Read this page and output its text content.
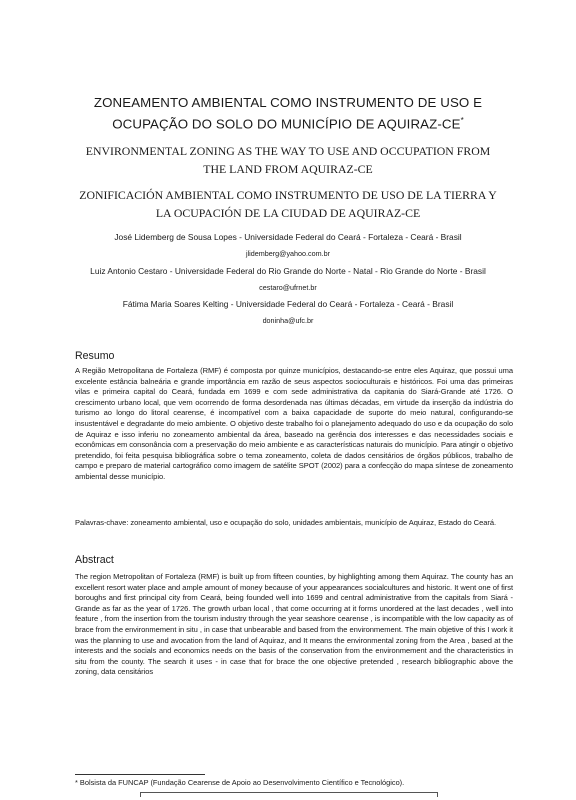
ZONEAMENTO AMBIENTAL COMO INSTRUMENTO DE USO E
OCUPAÇÃO DO SOLO DO MUNICÍPIO DE AQUIRAZ-CE*
ENVIRONMENTAL ZONING AS THE WAY TO USE AND OCCUPATION FROM
THE LAND FROM AQUIRAZ-CE
ZONIFICACIÓN AMBIENTAL COMO INSTRUMENTO DE USO DE LA TIERRA Y
LA OCUPACIÓN DE LA CIUDAD DE AQUIRAZ-CE
José Lidemberg de Sousa Lopes - Universidade Federal do Ceará - Fortaleza - Ceará - Brasil
jlidemberg@yahoo.com.br
Luiz Antonio Cestaro - Universidade Federal do Rio Grande do Norte - Natal - Rio Grande do Norte - Brasil
cestaro@ufrnet.br
Fátima Maria Soares Kelting - Universidade Federal do Ceará - Fortaleza - Ceará - Brasil
doninha@ufc.br
Resumo
A Região Metropolitana de Fortaleza (RMF) é composta por quinze municípios, destacando-se entre eles Aquiraz, que possui uma excelente estância balneária e grande importância em razão de seus aspectos socioculturais e históricos. Foi uma das primeiras vilas e primeira capital do Ceará, fundada em 1699 e com sede administrativa da capitania do Siará-Grande até 1726. O crescimento urbano local, que vem ocorrendo de forma desordenada nas últimas décadas, em virtude da inserção da indústria do turismo ao longo do litoral cearense, é incompatível com a baixa capacidade de suporte do meio natural, configurando-se insustentável e degradante do meio ambiente. O objetivo deste trabalho foi o planejamento adequado do uso e da ocupação do solo de Aquiraz e isso inferiu no zoneamento ambiental da área, baseado na gerência dos interesses e das necessidades sociais e econômicas em consonância com a preservação do meio ambiente e as características naturais do município. Para atingir o objetivo pretendido, foi feita pesquisa bibliográfica sobre o tema zoneamento, coleta de dados censitários de órgãos públicos, trabalho de campo e preparo de material cartográfico como imagem de satélite SPOT (2002) para a confecção do mapa síntese de zoneamento ambiental desse município.
Palavras-chave: zoneamento ambiental, uso e ocupação do solo, unidades ambientais, município de Aquiraz, Estado do Ceará.
Abstract
The region Metropolitan of Fortaleza (RMF) is built up from fifteen counties, by highlighting among them Aquiraz. The county has an excellent resort water place and ample amount of money because of your appearances socialcultures and historic. It went one of first boroughs and first principal city from Ceará, being founded well into 1699 and central administrative from the capitals from Siará - Grande as far as the year of 1726. The growth urban local , that come occurring at it forms unordered at the last decades , well into feature , from the insertion from the tourism industry through the year seashore cearense , is incompatible with the low capacity as of brace from the environmement in situ , in case that unbearable and based from the environmement. The main objetive of this I work it was the planning to use and avocation from the land of Aquiraz, and It means the environmental zoning from the Area , based at the interests and the socials and economics needs on the basis of the conservation from the environmement and the characteristics in situ from the county. The search it uses - in case that for brace the one objective pretended , research bibliographic above the zoning, data censitários
* Bolsista da FUNCAP (Fundação Cearense de Apoio ao Desenvolvimento Científico e Tecnológico).
